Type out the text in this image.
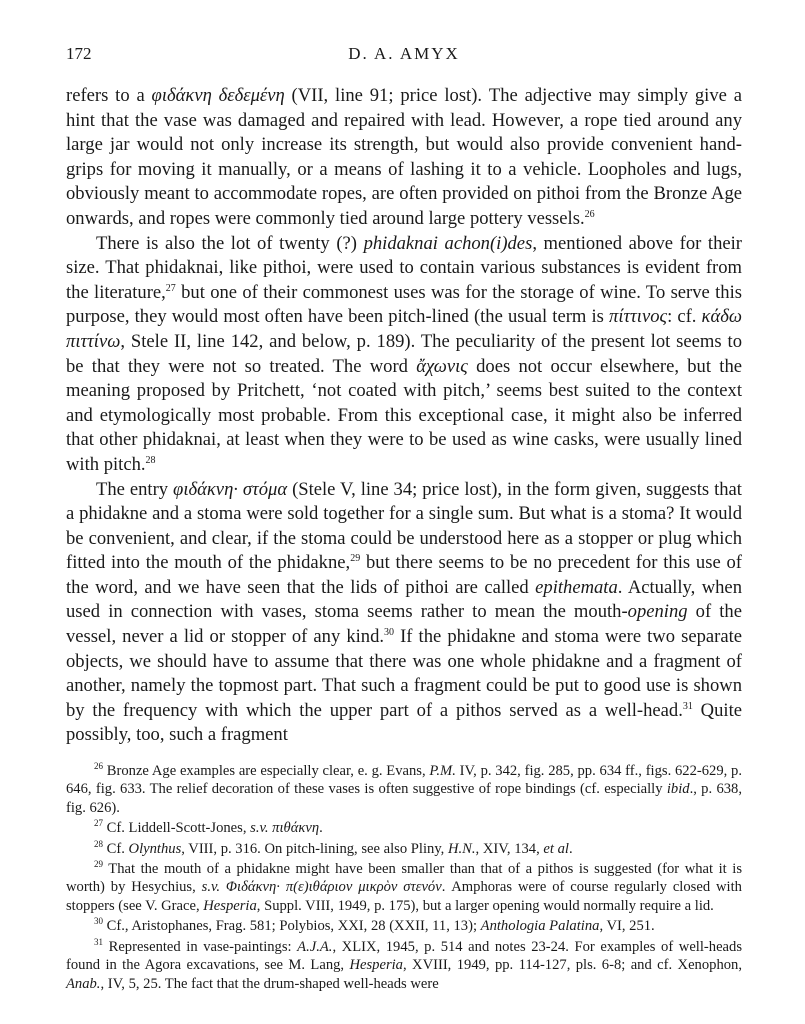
172	D. A. AMYX

refers to a φιδάκνη δεδεμένη (VII, line 91; price lost). The adjective may simply give a hint that the vase was damaged and repaired with lead. However, a rope tied around any large jar would not only increase its strength, but would also provide convenient hand-grips for moving it manually, or a means of lashing it to a vehicle. Loopholes and lugs, obviously meant to accommodate ropes, are often provided on pithoi from the Bronze Age onwards, and ropes were commonly tied around large pottery vessels.$^{26}$

There is also the lot of twenty (?) phidaknai achon(i)des, mentioned above for their size. That phidaknai, like pithoi, were used to contain various substances is evident from the literature,$^{27}$ but one of their commonest uses was for the storage of wine. To serve this purpose, they would most often have been pitch-lined (the usual term is πίττινος: cf. κάδω πιττίνω, Stele II, line 142, and below, p. 189). The peculiarity of the present lot seems to be that they were not so treated. The word ἄχωνις does not occur elsewhere, but the meaning proposed by Pritchett, ‘not coated with pitch,’ seems best suited to the context and etymologically most probable. From this exceptional case, it might also be inferred that other phidaknai, at least when they were to be used as wine casks, were usually lined with pitch.$^{28}$

The entry φιδάκνη· στόμα (Stele V, line 34; price lost), in the form given, suggests that a phidakne and a stoma were sold together for a single sum. But what is a stoma? It would be convenient, and clear, if the stoma could be understood here as a stopper or plug which fitted into the mouth of the phidakne,$^{29}$ but there seems to be no precedent for this use of the word, and we have seen that the lids of pithoi are called epithemata. Actually, when used in connection with vases, stoma seems rather to mean the mouth-opening of the vessel, never a lid or stopper of any kind.$^{30}$ If the phidakne and stoma were two separate objects, we should have to assume that there was one whole phidakne and a fragment of another, namely the topmost part. That such a fragment could be put to good use is shown by the frequency with which the upper part of a pithos served as a well-head.$^{31}$ Quite possibly, too, such a fragment

$^{26}$ Bronze Age examples are especially clear, e. g. Evans, P.M. IV, p. 342, fig. 285, pp. 634 ff., figs. 622-629, p. 646, fig. 633. The relief decoration of these vases is often suggestive of rope bindings (cf. especially ibid., p. 638, fig. 626).

$^{27}$ Cf. Liddell-Scott-Jones, s.v. πιθάκνη.

$^{28}$ Cf. Olynthus, VIII, p. 316. On pitch-lining, see also Pliny, H.N., XIV, 134, et al.

$^{29}$ That the mouth of a phidakne might have been smaller than that of a pithos is suggested (for what it is worth) by Hesychius, s.v. Φιδάκνη· π(ε)ιθάριον μικρὸν στενόν. Amphoras were of course regularly closed with stoppers (see V. Grace, Hesperia, Suppl. VIII, 1949, p. 175), but a larger opening would normally require a lid.

$^{30}$ Cf., Aristophanes, Frag. 581; Polybios, XXI, 28 (XXII, 11, 13); Anthologia Palatina, VI, 251.

$^{31}$ Represented in vase-paintings: A.J.A., XLIX, 1945, p. 514 and notes 23-24. For examples of well-heads found in the Agora excavations, see M. Lang, Hesperia, XVIII, 1949, pp. 114-127, pls. 6-8; and cf. Xenophon, Anab., IV, 5, 25. The fact that the drum-shaped well-heads were
